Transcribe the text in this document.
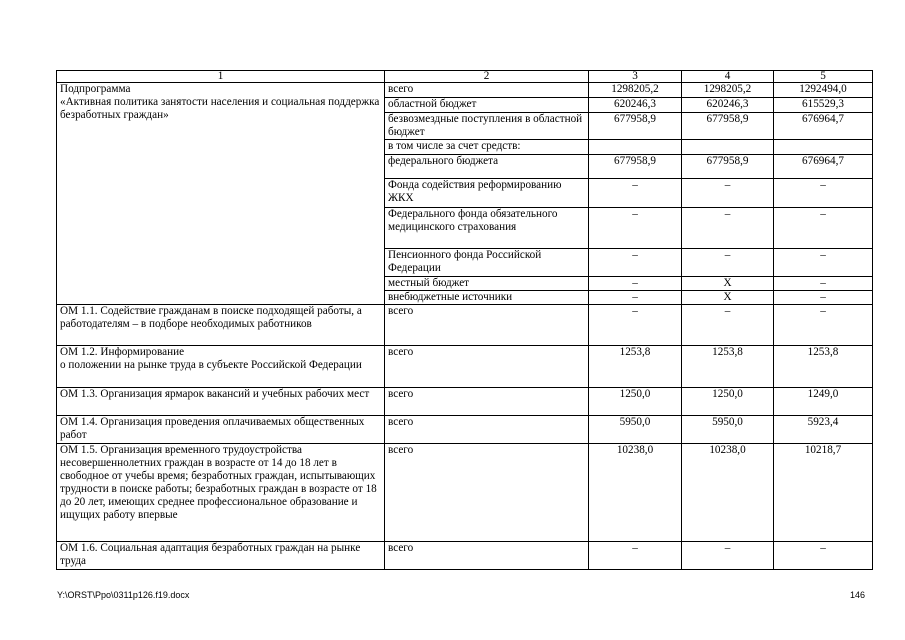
1	2	3	4	5
Подпрограмма
«Активная политика занятости населения и социальная поддержка безработных граждан»	всего	1298205,2	1298205,2	1292494,0
	областной бюджет	620246,3	620246,3	615529,3
	безвозмездные поступления в областной бюджет	677958,9	677958,9	676964,7
	в том числе за счет средств:			
	федерального бюджета	677958,9	677958,9	676964,7
	Фонда содействия реформированию ЖКХ	–	–	–
	Федерального фонда обязательного медицинского страхования	–	–	–
	Пенсионного фонда Российской Федерации	–	–	–
	местный бюджет	–	Х	–
	внебюджетные источники	–	Х	–
ОМ 1.1. Содействие гражданам в поиске подходящей работы, а работодателям – в подборе необходимых работников	всего	–	–	–
ОМ 1.2. Информирование
о положении на рынке труда в субъекте Российской Федерации	всего	1253,8	1253,8	1253,8
ОМ 1.3. Организация ярмарок вакансий и учебных рабочих мест	всего	1250,0	1250,0	1249,0
ОМ 1.4. Организация проведения оплачиваемых общественных работ	всего	5950,0	5950,0	5923,4
ОМ 1.5. Организация временного трудоустройства несовершеннолетних граждан в возрасте от 14 до 18 лет в свободное от учебы время; безработных граждан, испытывающих трудности в поиске работы; безработных граждан в возрасте от 18 до 20 лет, имеющих среднее профессиональное образование и ищущих работу впервые	всего	10238,0	10238,0	10218,7
ОМ 1.6. Социальная адаптация безработных граждан на рынке труда	всего	–	–	–
Y:\ORST\Ppo\0311p126.f19.docx	146
